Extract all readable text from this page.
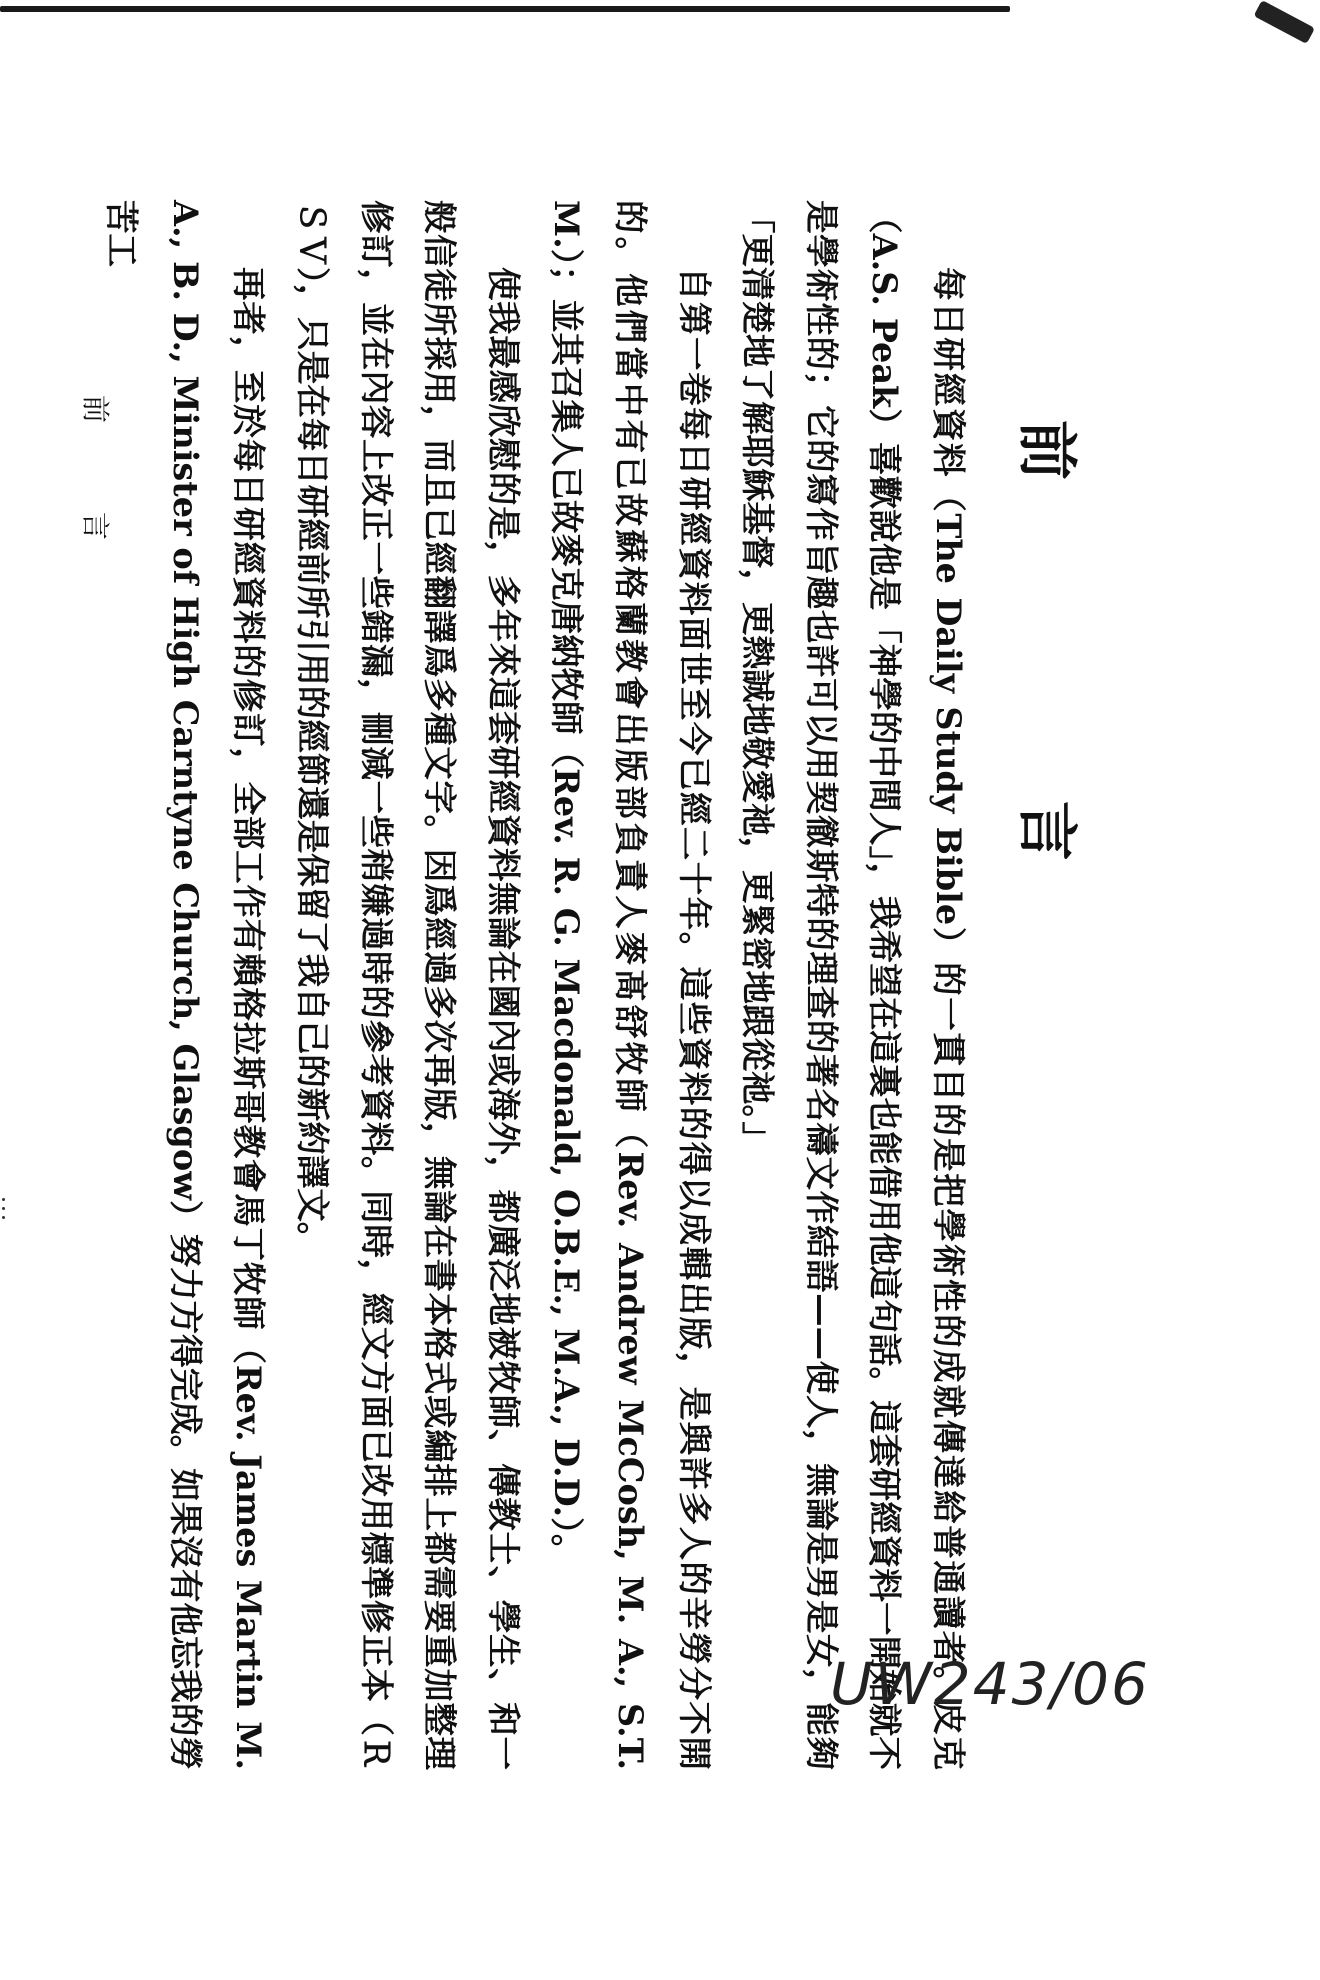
前 言

每日研經資料（The Daily Study Bible）的一貫目的是把學術性的成就傳達給普通讀者。皮克（A.S. Peak）喜歡說他是「神學的中間人」，我希望在這裏也能借用他這句話。這套研經資料一開始就不是學術性的；它的寫作旨趣也許可以用契徹斯特的理查的著名禱文作結語——使人，無論是男是女，能夠「更清楚地了解耶穌基督，更熱誠地敬愛祂，更緊密地跟從祂。」

自第一卷每日研經資料面世至今已經二十年。這些資料的得以成輯出版，是與許多人的辛勞分不開的。他們當中有已故蘇格蘭教會出版部負責人麥髙舒牧師（Rev. Andrew McCosh, M. A., S.T. M.）；並其召集人已故麥克唐納牧師（Rev. R. G. Macdonald, O.B.E., M.A., D.D.）。

使我最感欣慰的是，多年來這套研經資料無論在國內或海外，都廣泛地被牧師、傳教士、學生、和一般信徒所採用，而且已經翻譯爲多種文字。因爲經過多次再版，無論在書本格式或編排上都需要重加整理修訂，並在內容上改正一些錯漏，刪減一些稍嫌過時的參考資料。同時，經文方面已改用標準修正本（ＲＳＶ），只是在每日研經前所引用的經節還是保留了我自己的新約譯文。

再者，至於每日研經資料的修訂，全部工作有賴格拉斯哥教會馬丁牧師（Rev. James Martin M. A., B. D., Minister of High Carntyne Church, Glasgow）努力方得完成。如果沒有他忘我的勞苦工

前 言

UW243/06
